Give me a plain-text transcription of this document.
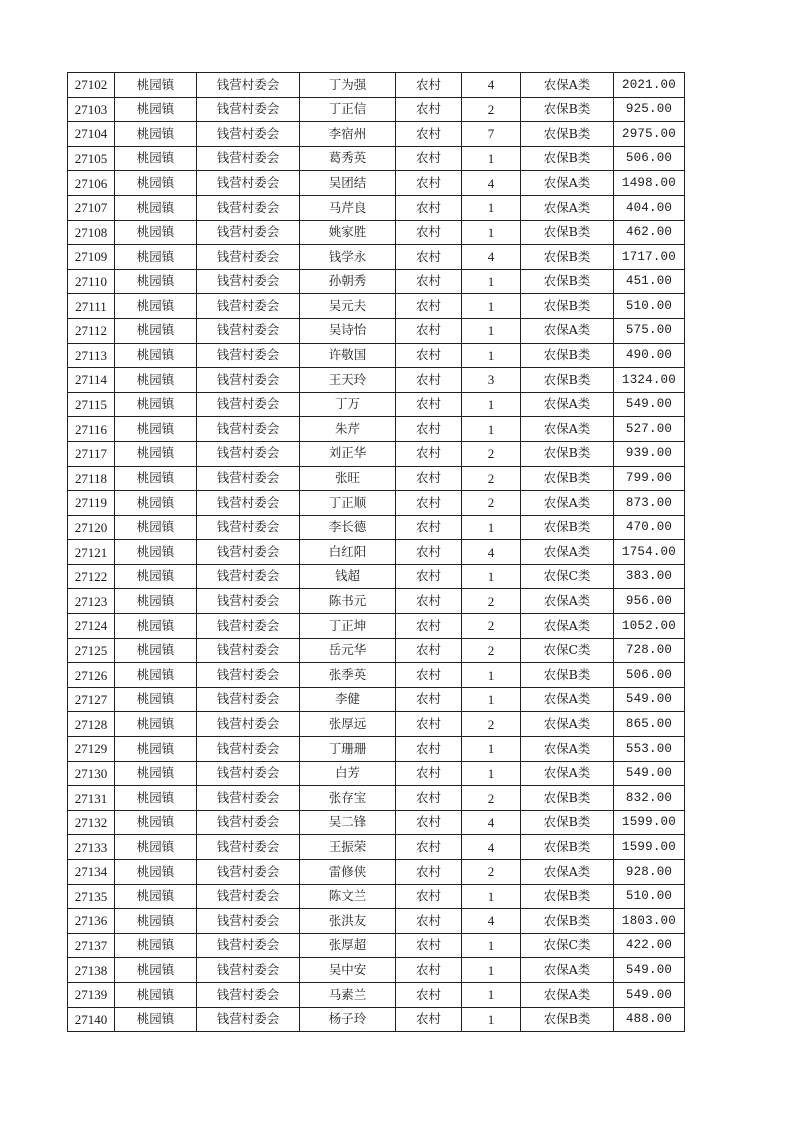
27102	桃园镇	钱营村委会	丁为强	农村	4	农保A类	2021.00
27103	桃园镇	钱营村委会	丁正信	农村	2	农保B类	925.00
27104	桃园镇	钱营村委会	李宿州	农村	7	农保B类	2975.00
27105	桃园镇	钱营村委会	葛秀英	农村	1	农保B类	506.00
27106	桃园镇	钱营村委会	吴团结	农村	4	农保A类	1498.00
27107	桃园镇	钱营村委会	马芹良	农村	1	农保A类	404.00
27108	桃园镇	钱营村委会	姚家胜	农村	1	农保B类	462.00
27109	桃园镇	钱营村委会	钱学永	农村	4	农保B类	1717.00
27110	桃园镇	钱营村委会	孙朝秀	农村	1	农保B类	451.00
27111	桃园镇	钱营村委会	吴元夫	农村	1	农保B类	510.00
27112	桃园镇	钱营村委会	吴诗怡	农村	1	农保A类	575.00
27113	桃园镇	钱营村委会	许敬国	农村	1	农保B类	490.00
27114	桃园镇	钱营村委会	王天玲	农村	3	农保B类	1324.00
27115	桃园镇	钱营村委会	丁万	农村	1	农保A类	549.00
27116	桃园镇	钱营村委会	朱芹	农村	1	农保A类	527.00
27117	桃园镇	钱营村委会	刘正华	农村	2	农保B类	939.00
27118	桃园镇	钱营村委会	张旺	农村	2	农保B类	799.00
27119	桃园镇	钱营村委会	丁正顺	农村	2	农保A类	873.00
27120	桃园镇	钱营村委会	李长德	农村	1	农保B类	470.00
27121	桃园镇	钱营村委会	白红阳	农村	4	农保A类	1754.00
27122	桃园镇	钱营村委会	钱超	农村	1	农保C类	383.00
27123	桃园镇	钱营村委会	陈书元	农村	2	农保A类	956.00
27124	桃园镇	钱营村委会	丁正坤	农村	2	农保A类	1052.00
27125	桃园镇	钱营村委会	岳元华	农村	2	农保C类	728.00
27126	桃园镇	钱营村委会	张季英	农村	1	农保B类	506.00
27127	桃园镇	钱营村委会	李健	农村	1	农保A类	549.00
27128	桃园镇	钱营村委会	张厚远	农村	2	农保A类	865.00
27129	桃园镇	钱营村委会	丁珊珊	农村	1	农保A类	553.00
27130	桃园镇	钱营村委会	白芳	农村	1	农保A类	549.00
27131	桃园镇	钱营村委会	张存宝	农村	2	农保B类	832.00
27132	桃园镇	钱营村委会	吴二锋	农村	4	农保B类	1599.00
27133	桃园镇	钱营村委会	王振荣	农村	4	农保B类	1599.00
27134	桃园镇	钱营村委会	雷修侠	农村	2	农保A类	928.00
27135	桃园镇	钱营村委会	陈文兰	农村	1	农保B类	510.00
27136	桃园镇	钱营村委会	张洪友	农村	4	农保B类	1803.00
27137	桃园镇	钱营村委会	张厚超	农村	1	农保C类	422.00
27138	桃园镇	钱营村委会	吴中安	农村	1	农保A类	549.00
27139	桃园镇	钱营村委会	马素兰	农村	1	农保A类	549.00
27140	桃园镇	钱营村委会	杨子玲	农村	1	农保B类	488.00
